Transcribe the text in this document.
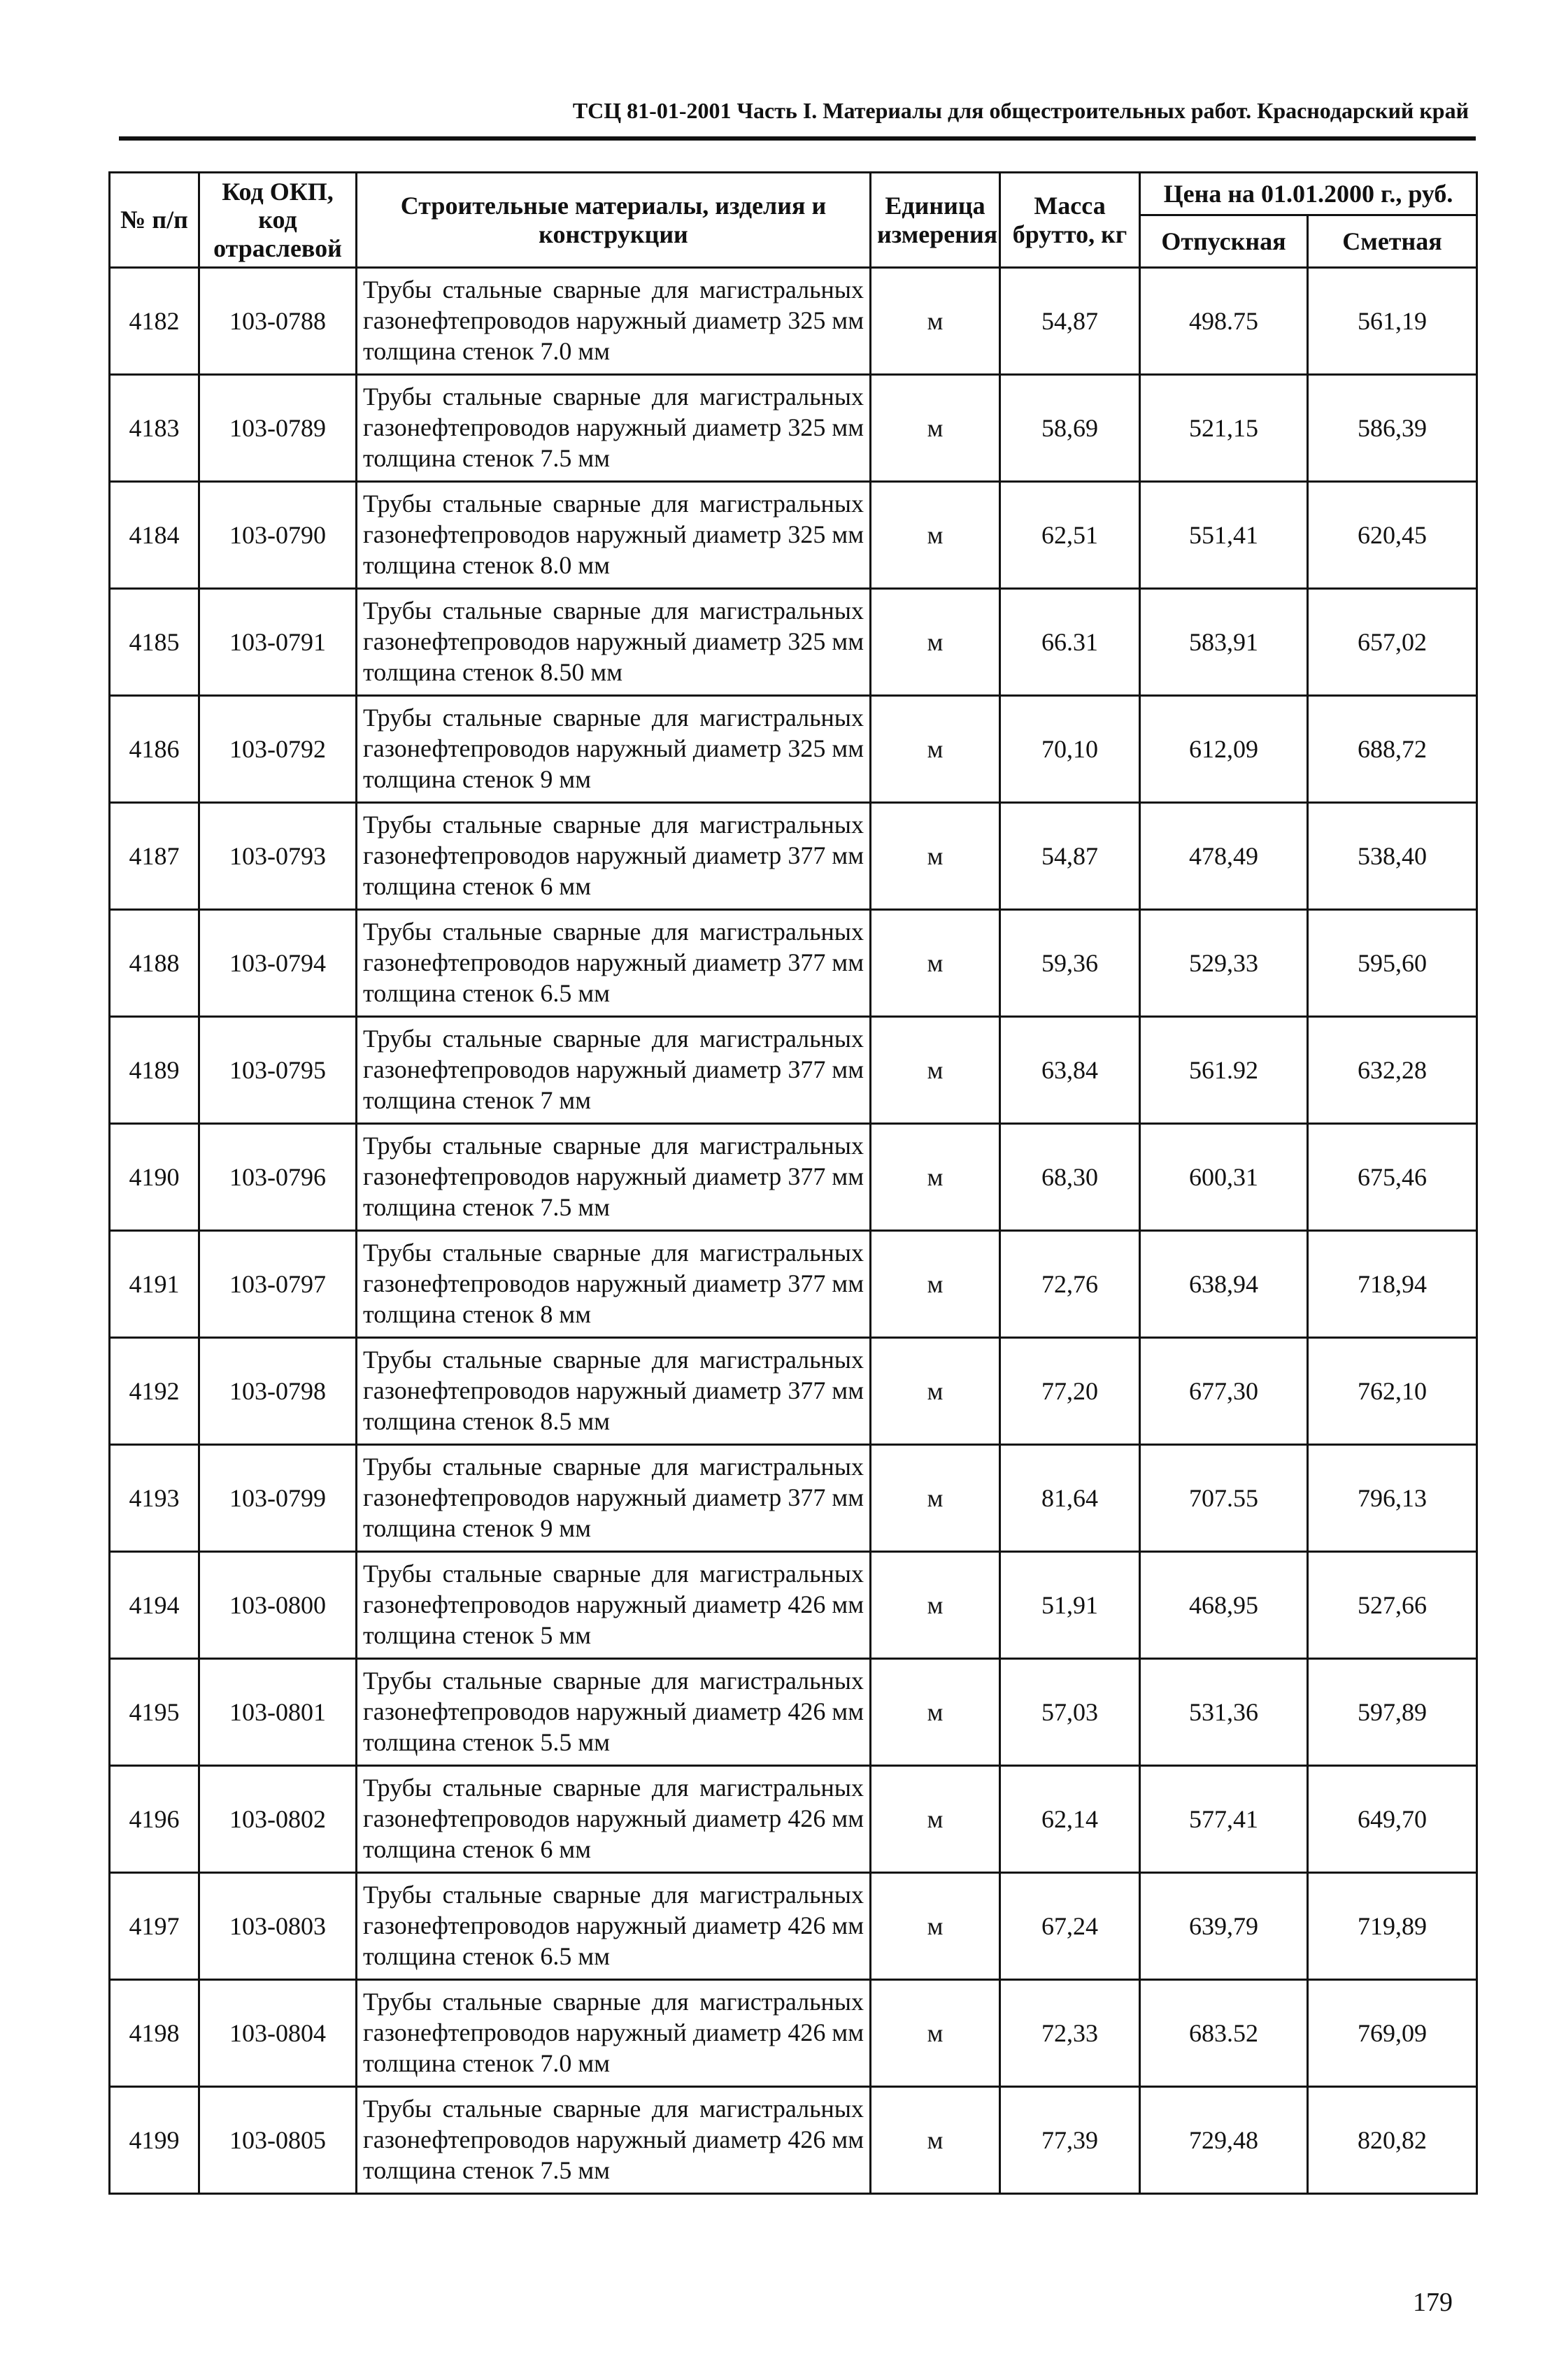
ТСЦ 81-01-2001 Часть I. Материалы для общестроительных работ. Краснодарский край
№ п/п	Код ОКП, код отраслевой	Строительные материалы, изделия и конструкции	Единица измерения	Масса брутто, кг	Цена на 01.01.2000 г., руб.	
					Отпускная	Сметная
4182	103-0788	Трубы стальные сварные для магистральных газонефтепроводов наружный диаметр 325 мм толщина стенок 7.0 мм	м	54,87	498.75	561,19
4183	103-0789	Трубы стальные сварные для магистральных газонефтепроводов наружный диаметр 325 мм толщина стенок 7.5 мм	м	58,69	521,15	586,39
4184	103-0790	Трубы стальные сварные для магистральных газонефтепроводов наружный диаметр 325 мм толщина стенок 8.0 мм	м	62,51	551,41	620,45
4185	103-0791	Трубы стальные сварные для магистральных газонефтепроводов наружный диаметр 325 мм толщина стенок 8.50 мм	м	66.31	583,91	657,02
4186	103-0792	Трубы стальные сварные для магистральных газонефтепроводов наружный диаметр 325 мм толщина стенок 9 мм	м	70,10	612,09	688,72
4187	103-0793	Трубы стальные сварные для магистральных газонефтепроводов наружный диаметр 377 мм толщина стенок 6 мм	м	54,87	478,49	538,40
4188	103-0794	Трубы стальные сварные для магистральных газонефтепроводов наружный диаметр 377 мм толщина стенок 6.5 мм	м	59,36	529,33	595,60
4189	103-0795	Трубы стальные сварные для магистральных газонефтепроводов наружный диаметр 377 мм толщина стенок 7 мм	м	63,84	561.92	632,28
4190	103-0796	Трубы стальные сварные для магистральных газонефтепроводов наружный диаметр 377 мм толщина стенок 7.5 мм	м	68,30	600,31	675,46
4191	103-0797	Трубы стальные сварные для магистральных газонефтепроводов наружный диаметр 377 мм толщина стенок 8 мм	м	72,76	638,94	718,94
4192	103-0798	Трубы стальные сварные для магистральных газонефтепроводов наружный диаметр 377 мм толщина стенок 8.5 мм	м	77,20	677,30	762,10
4193	103-0799	Трубы стальные сварные для магистральных газонефтепроводов наружный диаметр 377 мм толщина стенок 9 мм	м	81,64	707.55	796,13
4194	103-0800	Трубы стальные сварные для магистральных газонефтепроводов наружный диаметр 426 мм толщина стенок 5 мм	м	51,91	468,95	527,66
4195	103-0801	Трубы стальные сварные для магистральных газонефтепроводов наружный диаметр 426 мм толщина стенок 5.5 мм	м	57,03	531,36	597,89
4196	103-0802	Трубы стальные сварные для магистральных газонефтепроводов наружный диаметр 426 мм толщина стенок 6 мм	м	62,14	577,41	649,70
4197	103-0803	Трубы стальные сварные для магистральных газонефтепроводов наружный диаметр 426 мм толщина стенок 6.5 мм	м	67,24	639,79	719,89
4198	103-0804	Трубы стальные сварные для магистральных газонефтепроводов наружный диаметр 426 мм толщина стенок 7.0 мм	м	72,33	683.52	769,09
4199	103-0805	Трубы стальные сварные для магистральных газонефтепроводов наружный диаметр 426 мм толщина стенок 7.5 мм	м	77,39	729,48	820,82
179
